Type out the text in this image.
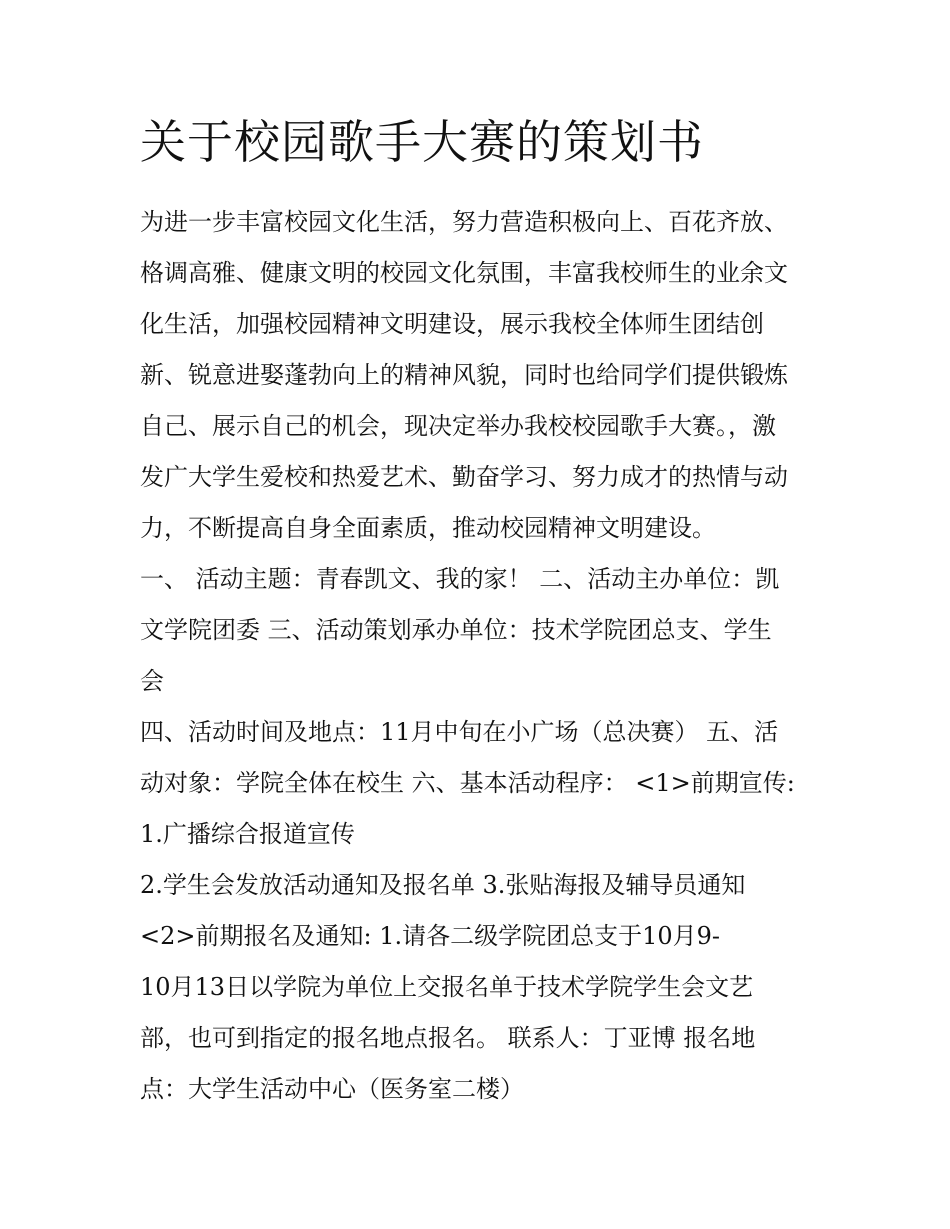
关于校园歌手大赛的策划书
为进一步丰富校园文化生活，努力营造积极向上、百花齐放、
格调高雅、健康文明的校园文化氛围，丰富我校师生的业余文
化生活，加强校园精神文明建设，展示我校全体师生团结创
新、锐意进娶蓬勃向上的精神风貌，同时也给同学们提供锻炼
自己、展示自己的机会，现决定举办我校校园歌手大赛。，激
发广大学生爱校和热爱艺术、勤奋学习、努力成才的热情与动
力，不断提高自身全面素质，推动校园精神文明建设。
一、 活动主题：青春凯文、我的家！ 二、活动主办单位：凯
文学院团委 三、活动策划承办单位：技术学院团总支、学生
会
四、活动时间及地点：11月中旬在小广场（总决赛） 五、活
动对象：学院全体在校生 六、基本活动程序： <1>前期宣传:
1.广播综合报道宣传
2.学生会发放活动通知及报名单 3.张贴海报及辅导员通知
<2>前期报名及通知: 1.请各二级学院团总支于10月9-
10月13日以学院为单位上交报名单于技术学院学生会文艺
部，也可到指定的报名地点报名。 联系人：丁亚博 报名地
点：大学生活动中心（医务室二楼）
